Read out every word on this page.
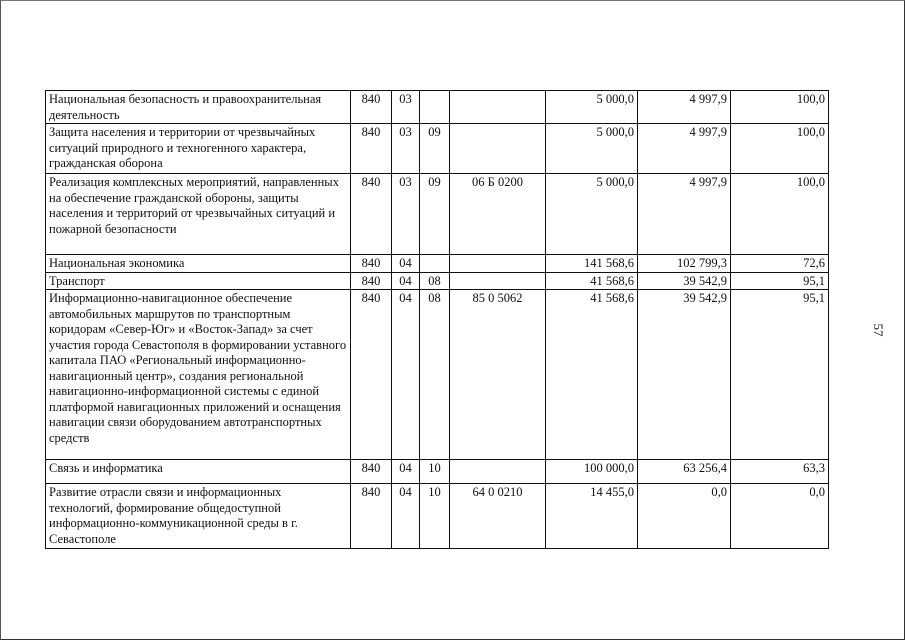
Национальная безопасность и правоохранительная деятельность	840	03			5 000,0	4 997,9	100,0
Защита населения и территории от чрезвычайных ситуаций природного и техногенного характера, гражданская оборона	840	03	09		5 000,0	4 997,9	100,0
Реализация комплексных мероприятий, направленных на обеспечение гражданской обороны, защиты населения и территорий от чрезвычайных ситуаций и пожарной безопасности	840	03	09	06 Б 0200	5 000,0	4 997,9	100,0
Национальная экономика	840	04			141 568,6	102 799,3	72,6
Транспорт	840	04	08		41 568,6	39 542,9	95,1
Информационно-навигационное обеспечение автомобильных маршрутов по транспортным коридорам «Север-Юг» и «Восток-Запад» за счет участия города Севастополя в формировании уставного капитала ПАО «Региональный информационно-навигационный центр», создания региональной навигационно-информационной системы с единой платформой навигационных приложений и оснащения навигации связи оборудованием автотранспортных средств	840	04	08	85 0 5062	41 568,6	39 542,9	95,1
Связь и информатика	840	04	10		100 000,0	63 256,4	63,3
Развитие отрасли связи и информационных технологий, формирование общедоступной информационно-коммуникационной среды в г. Севастополе	840	04	10	64 0 0210	14 455,0	0,0	0,0
57
